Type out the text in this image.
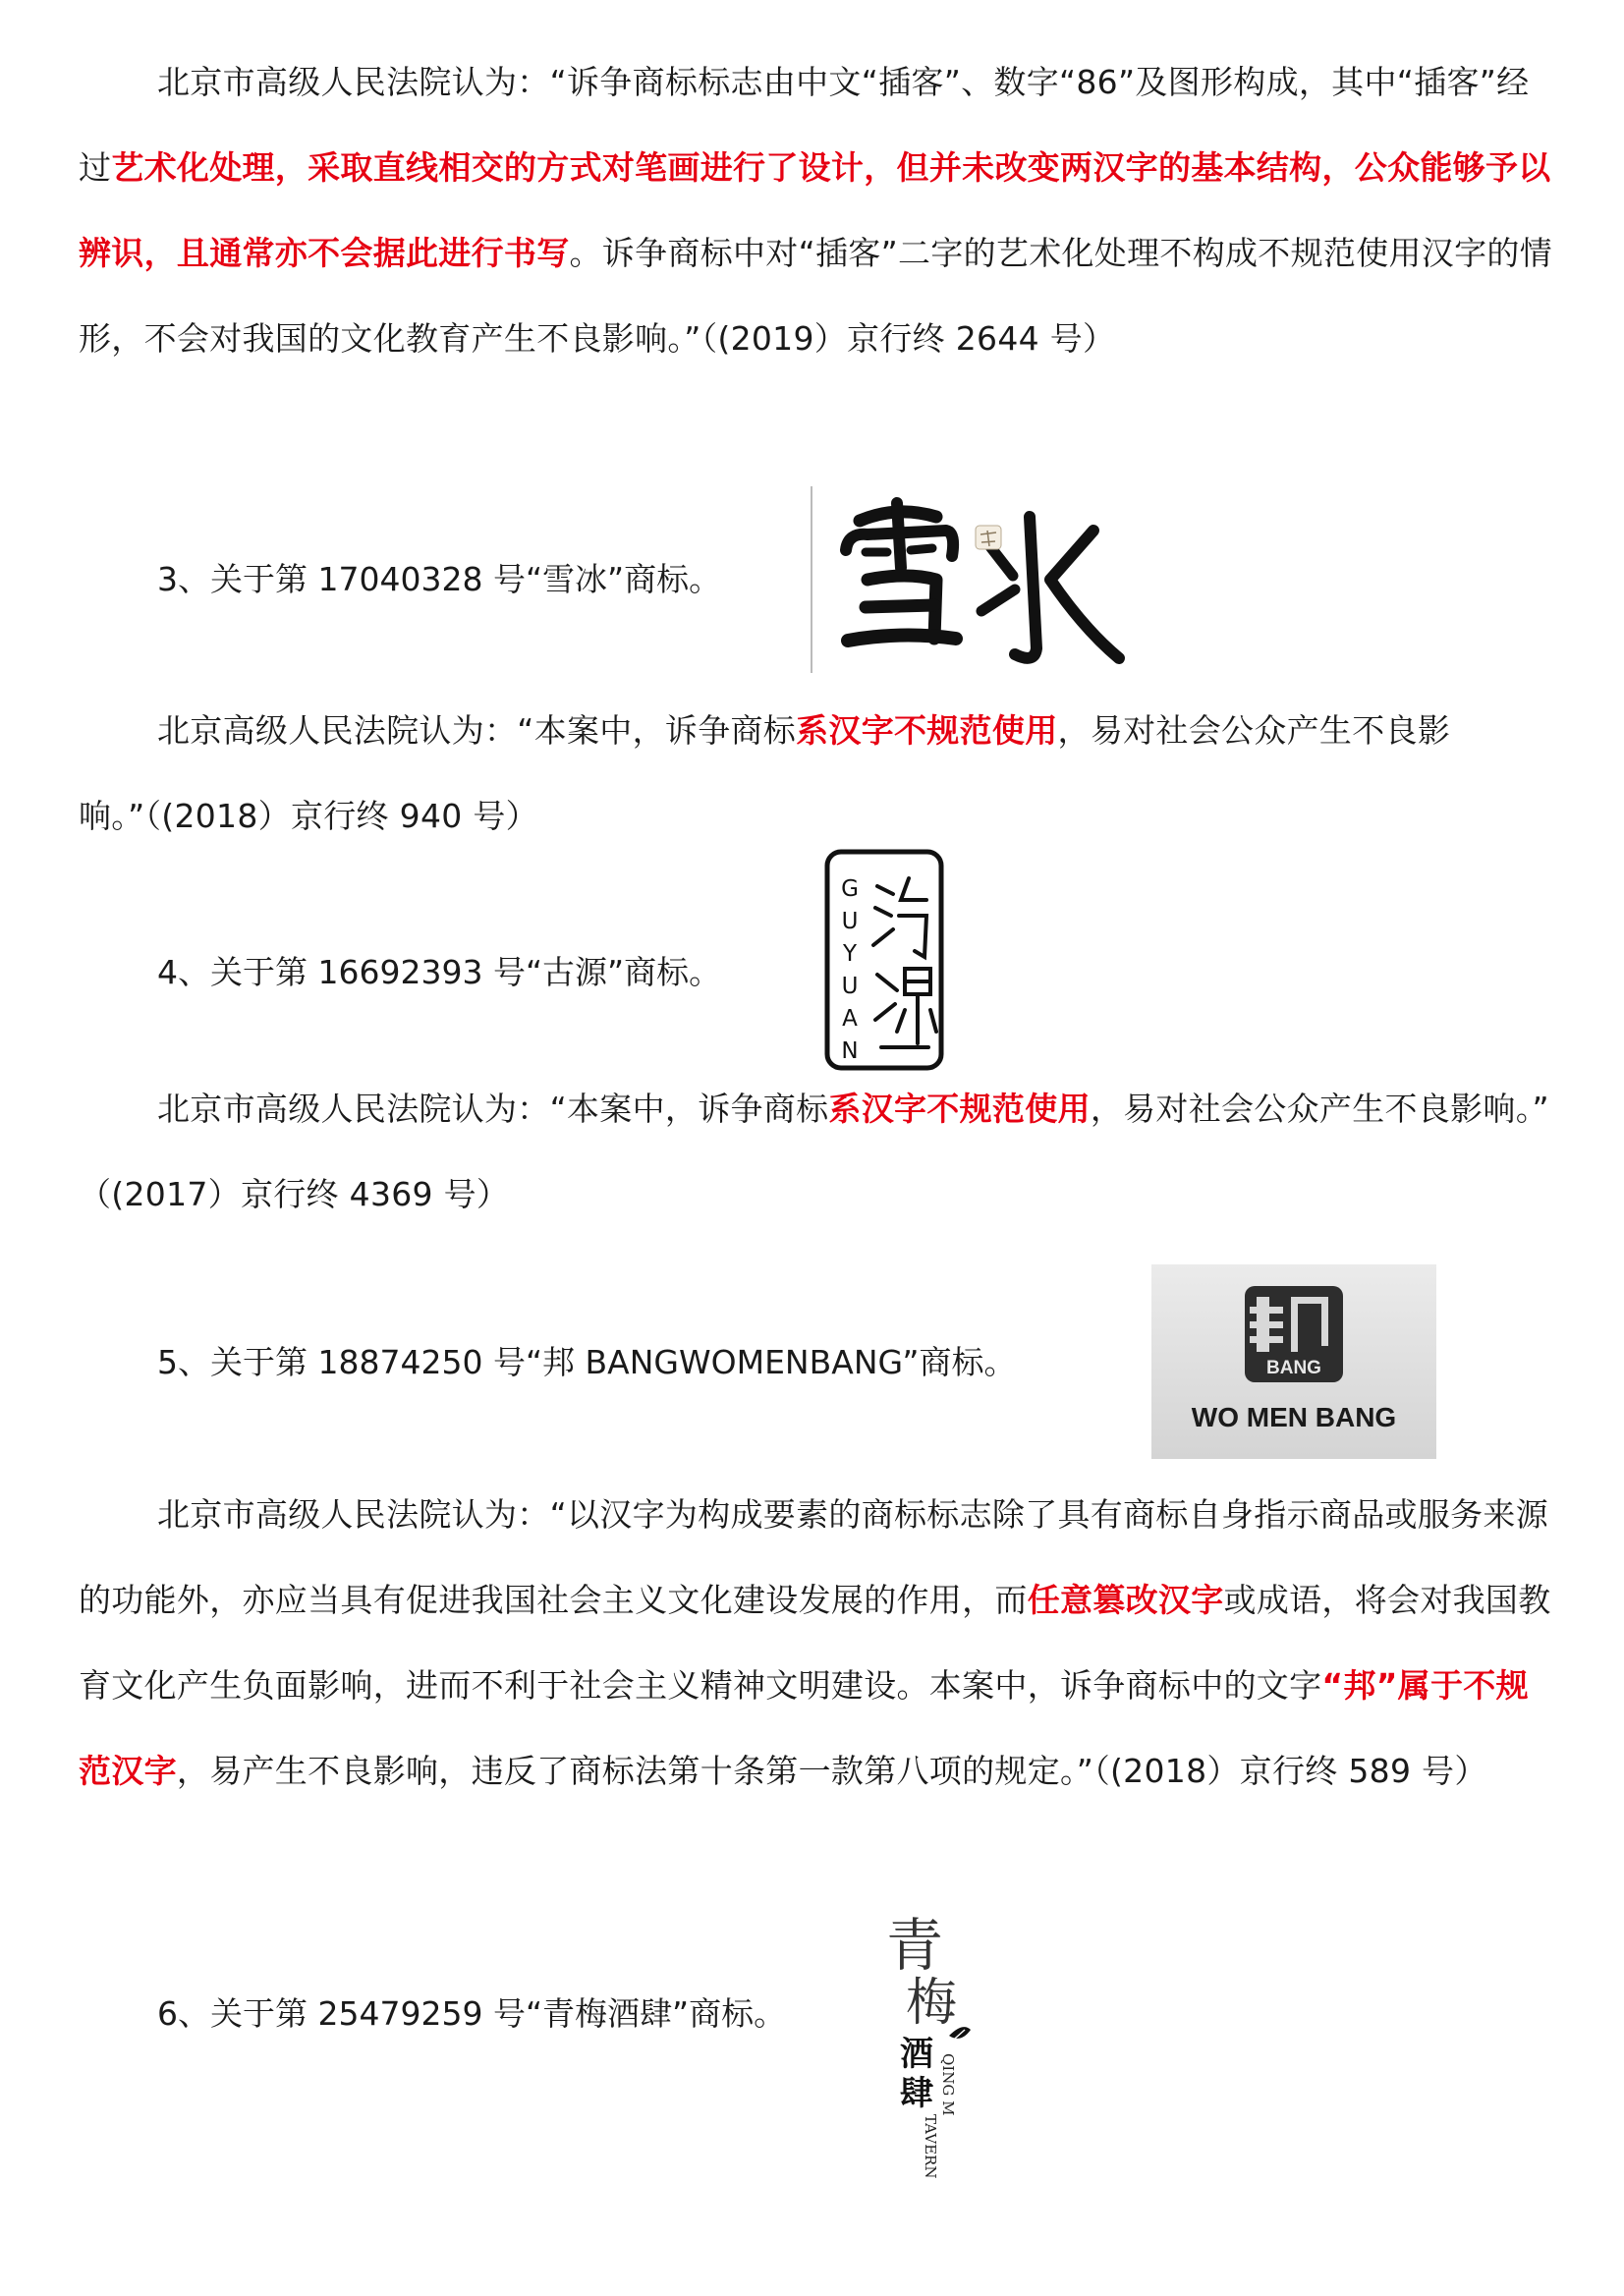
北京市高级人民法院认为：“诉争商标标志由中文“插客”、数字“86”及图形构成，其中“插客”经过艺术化处理，采取直线相交的方式对笔画进行了设计，但并未改变两汉字的基本结构，公众能够予以辨识，且通常亦不会据此进行书写。诉争商标中对“插客”二字的艺术化处理不构成不规范使用汉字的情形，不会对我国的文化教育产生不良影响。”（(2019）京行终 2644 号）

3、关于第 17040328 号“雪冰”商标。

北京高级人民法院认为：“本案中，诉争商标系汉字不规范使用，易对社会公众产生不良影响。”（(2018）京行终 940 号）

4、关于第 16692393 号“古源”商标。
G
U
Y
U
A
N

北京市高级人民法院认为：“本案中，诉争商标系汉字不规范使用，易对社会公众产生不良影响。” （(2017）京行终 4369 号）

5、关于第 18874250 号“邦 BANGWOMENBANG”商标。	BANG
WO MEN BANG

北京市高级人民法院认为：“以汉字为构成要素的商标标志除了具有商标自身指示商品或服务来源的功能外，亦应当具有促进我国社会主义文化建设发展的作用，而任意篡改汉字或成语，将会对我国教育文化产生负面影响，进而不利于社会主义精神文明建设。本案中，诉争商标中的文字“邦”属于不规范汉字，易产生不良影响，违反了商标法第十条第一款第八项的规定。”（(2018）京行终 589 号）

6、关于第 25479259 号“青梅酒肆”商标。
青
梅
酒
肆 QING M
TAVERN
